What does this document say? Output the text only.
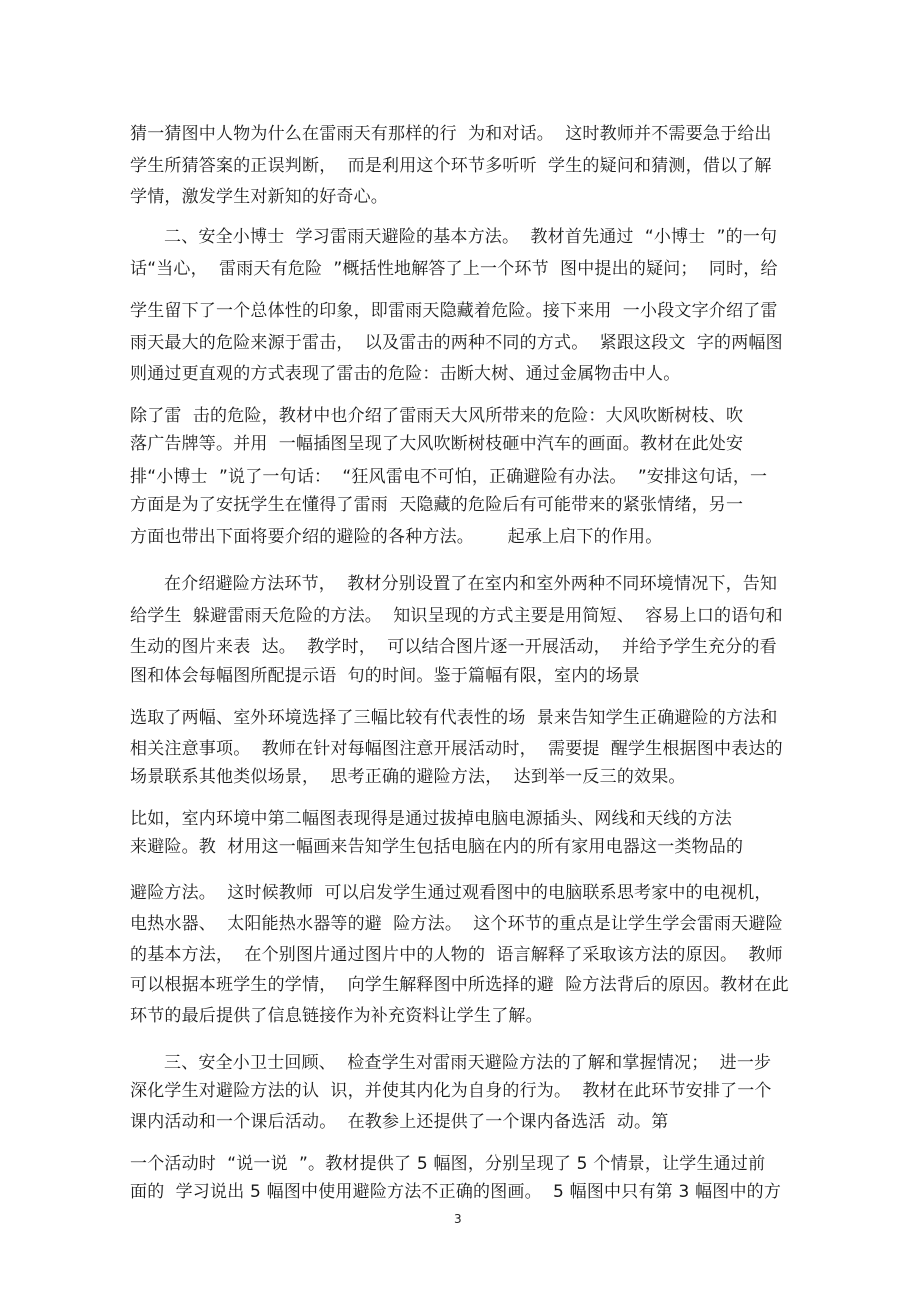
猜一猜图中人物为什么在雷雨天有那样的行  为和对话。  这时教师并不需要急于给出
学生所猜答案的正误判断，  而是利用这个环节多听听  学生的疑问和猜测，借以了解
学情，激发学生对新知的好奇心。
二、安全小博士  学习雷雨天避险的基本方法。  教材首先通过  “小博士  ”的一句
话“当心，  雷雨天有危险  ”概括性地解答了上一个环节  图中提出的疑问；  同时，给
学生留下了一个总体性的印象，即雷雨天隐藏着危险。接下来用  一小段文字介绍了雷
雨天最大的危险来源于雷击，  以及雷击的两种不同的方式。  紧跟这段文  字的两幅图
则通过更直观的方式表现了雷击的危险：击断大树、通过金属物击中人。
除了雷  击的危险，教材中也介绍了雷雨天大风所带来的危险：大风吹断树枝、吹
落广告牌等。并用  一幅插图呈现了大风吹断树枝砸中汽车的画面。教材在此处安
排“小博士  ”说了一句话：  “狂风雷电不可怕，正确避险有办法。  ”安排这句话，一
方面是为了安抚学生在懂得了雷雨  天隐藏的危险后有可能带来的紧张情绪，另一
方面也带出下面将要介绍的避险的各种方法。      起承上启下的作用。
在介绍避险方法环节，  教材分别设置了在室内和室外两种不同环境情况下，告知
给学生  躲避雷雨天危险的方法。  知识呈现的方式主要是用简短、  容易上口的语句和
生动的图片来表  达。  教学时，  可以结合图片逐一开展活动，  并给予学生充分的看
图和体会每幅图所配提示语  句的时间。鉴于篇幅有限，室内的场景
选取了两幅、室外环境选择了三幅比较有代表性的场  景来告知学生正确避险的方法和
相关注意事项。  教师在针对每幅图注意开展活动时，  需要提  醒学生根据图中表达的
场景联系其他类似场景，  思考正确的避险方法，  达到举一反三的效果。
比如，室内环境中第二幅图表现得是通过拔掉电脑电源插头、网线和天线的方法
来避险。教  材用这一幅画来告知学生包括电脑在内的所有家用电器这一类物品的
避险方法。  这时候教师  可以启发学生通过观看图中的电脑联系思考家中的电视机，
电热水器、  太阳能热水器等的避  险方法。  这个环节的重点是让学生学会雷雨天避险
的基本方法，  在个别图片通过图片中的人物的  语言解释了采取该方法的原因。  教师
可以根据本班学生的学情，  向学生解释图中所选择的避  险方法背后的原因。教材在此
环节的最后提供了信息链接作为补充资料让学生了解。
三、安全小卫士回顾、  检查学生对雷雨天避险方法的了解和掌握情况；  进一步
深化学生对避险方法的认  识，并使其内化为自身的行为。  教材在此环节安排了一个
课内活动和一个课后活动。  在教参上还提供了一个课内备选活  动。第
一个活动时  “说一说  ”。教材提供了 5 幅图，分别呈现了 5 个情景，让学生通过前
面的  学习说出 5 幅图中使用避险方法不正确的图画。  5 幅图中只有第 3 幅图中的方
3
